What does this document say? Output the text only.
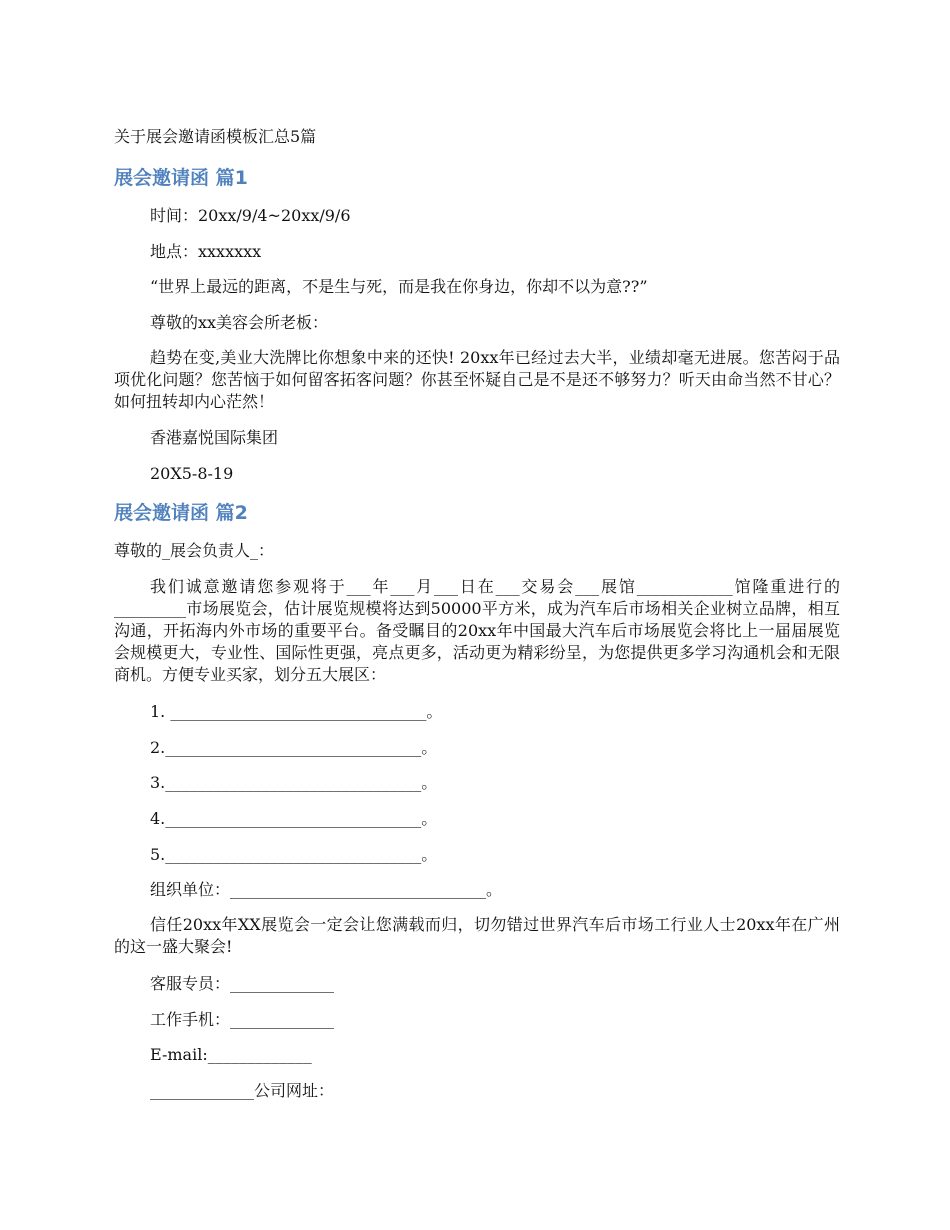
关于展会邀请函模板汇总5篇
展会邀请函 篇1
时间：20xx/9/4~20xx/9/6
地点：xxxxxxx
“世界上最远的距离，不是生与死，而是我在你身边，你却不以为意??”
尊敬的xx美容会所老板：
趋势在变,美业大洗牌比你想象中来的还快! 20xx年已经过去大半，业绩却毫无进展。您苦闷于品项优化问题？您苦恼于如何留客拓客问题？你甚至怀疑自己是不是还不够努力？听天由命当然不甘心？如何扭转却内心茫然！
香港嘉悦国际集团
20X5-8-19
展会邀请函 篇2
尊敬的_展会负责人_：
我们诚意邀请您参观将于___年___月___日在___交易会___展馆____________馆隆重进行的_________市场展览会，估计展览规模将达到50000平方米，成为汽车后市场相关企业树立品牌，相互沟通，开拓海内外市场的重要平台。备受瞩目的20xx年中国最大汽车后市场展览会将比上一届届展览会规模更大，专业性、国际性更强，亮点更多，活动更为精彩纷呈，为您提供更多学习沟通机会和无限商机。方便专业买家，划分五大展区：
1. ________________________________。
2.________________________________。
3.________________________________。
4.________________________________。
5.________________________________。
组织单位：________________________________。
信任20xx年XX展览会一定会让您满载而归，切勿错过世界汽车后市场工行业人士20xx年在广州的这一盛大聚会!
客服专员：_____________
工作手机：_____________
E-mail:_____________
_____________公司网址：
